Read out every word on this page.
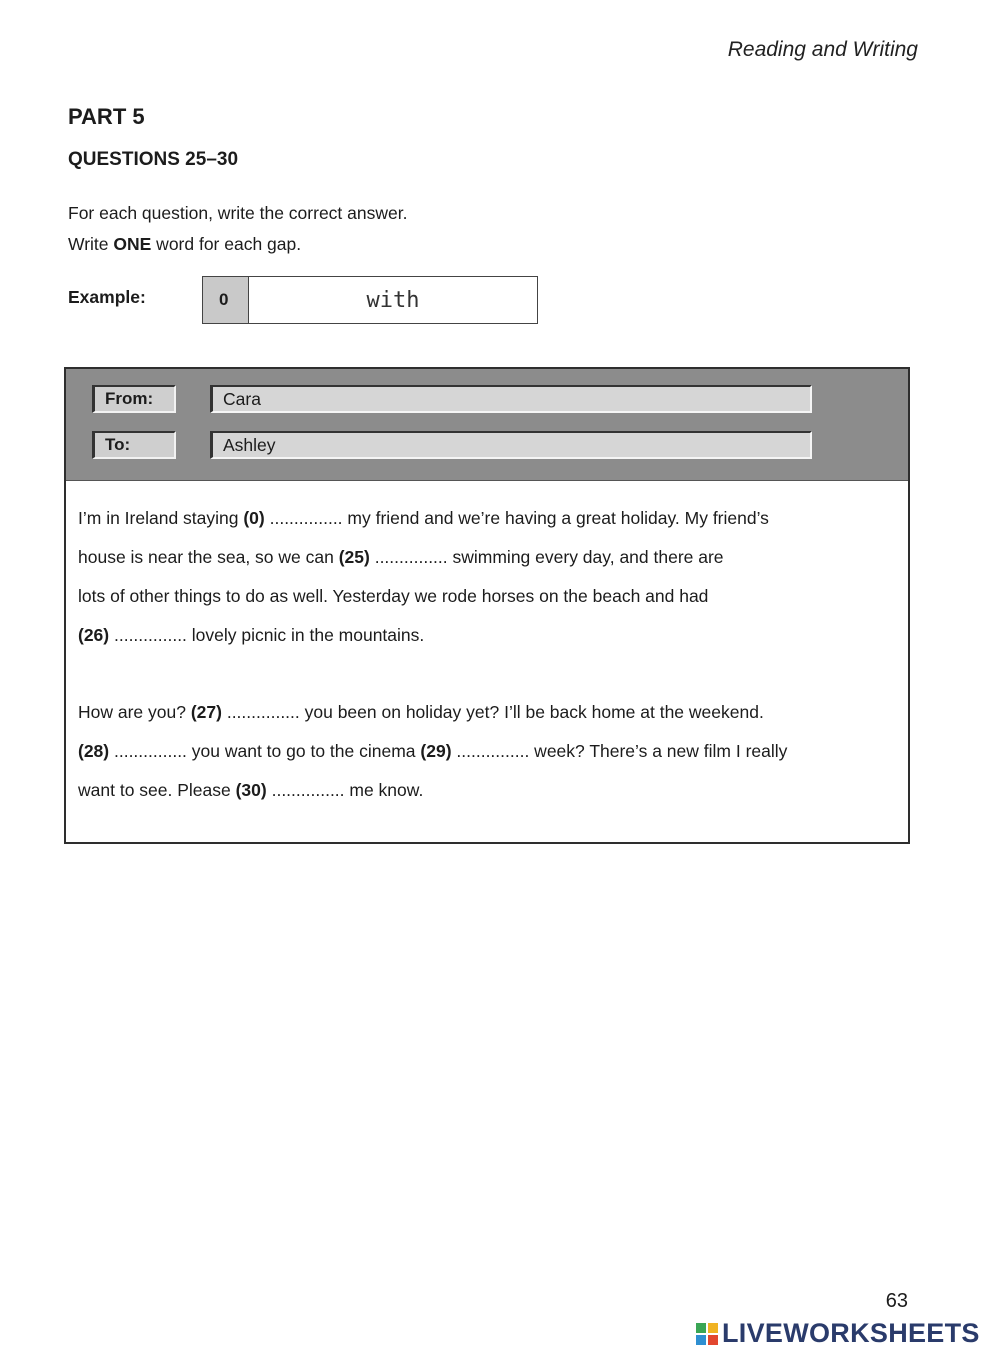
Reading and Writing
PART 5
QUESTIONS 25–30
For each question, write the correct answer.
Write ONE word for each gap.
Example:	0	with
From:	Cara
To:	Ashley

I’m in Ireland staying (0) ............... my friend and we’re having a great holiday. My friend’s

house is near the sea, so we can (25) ............... swimming every day, and there are

lots of other things to do as well. Yesterday we rode horses on the beach and had

(26) ............... lovely picnic in the mountains.

How are you? (27) ............... you been on holiday yet? I’ll be back home at the weekend.

(28) ............... you want to go to the cinema (29) ............... week? There’s a new film I really

want to see. Please (30) ............... me know.

63
LIVEWORKSHEETS
